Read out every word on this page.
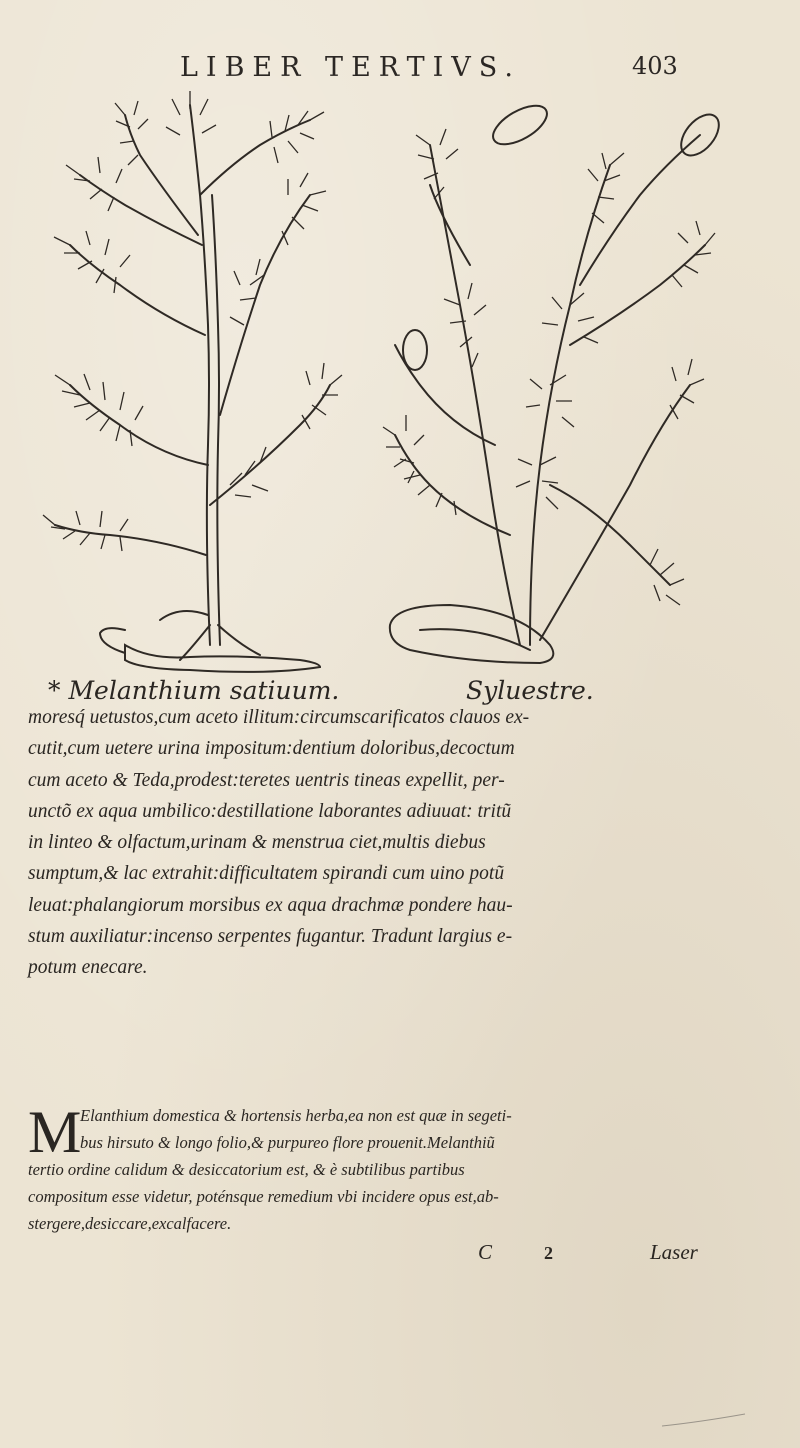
LIBER TERTIVS.	403
* Melanthium satiuum.	Syluestre.
moresq́ uetustos,cum aceto illitum:circumscarificatos clauos ex-
cutit,cum uetere urina impositum:dentium doloribus,decoctum
cum aceto & Teda,prodest:teretes uentris tineas expellit, per-
unctõ ex aqua umbilico:destillatione laborantes adiuuat: tritũ
in linteo & olfactum,urinam & menstrua ciet,multis diebus
sumptum,& lac extrahit:difficultatem spirandi cum uino potũ
leuat:phalangiorum morsibus ex aqua drachmæ pondere hau-
stum auxiliatur:incenso serpentes fugantur. Tradunt largius e-
potum enecare.
M
Elanthium domestica & hortensis herba,ea non est quæ in segeti-
bus hirsuto & longo folio,& purpureo flore prouenit.Melanthiũ
tertio ordine calidum & desiccatorium est, & è subtilibus partibus
compositum esse videtur, poténsque remedium vbi incidere opus est,ab-
stergere,desiccare,excalfacere.
C	2	Laser
